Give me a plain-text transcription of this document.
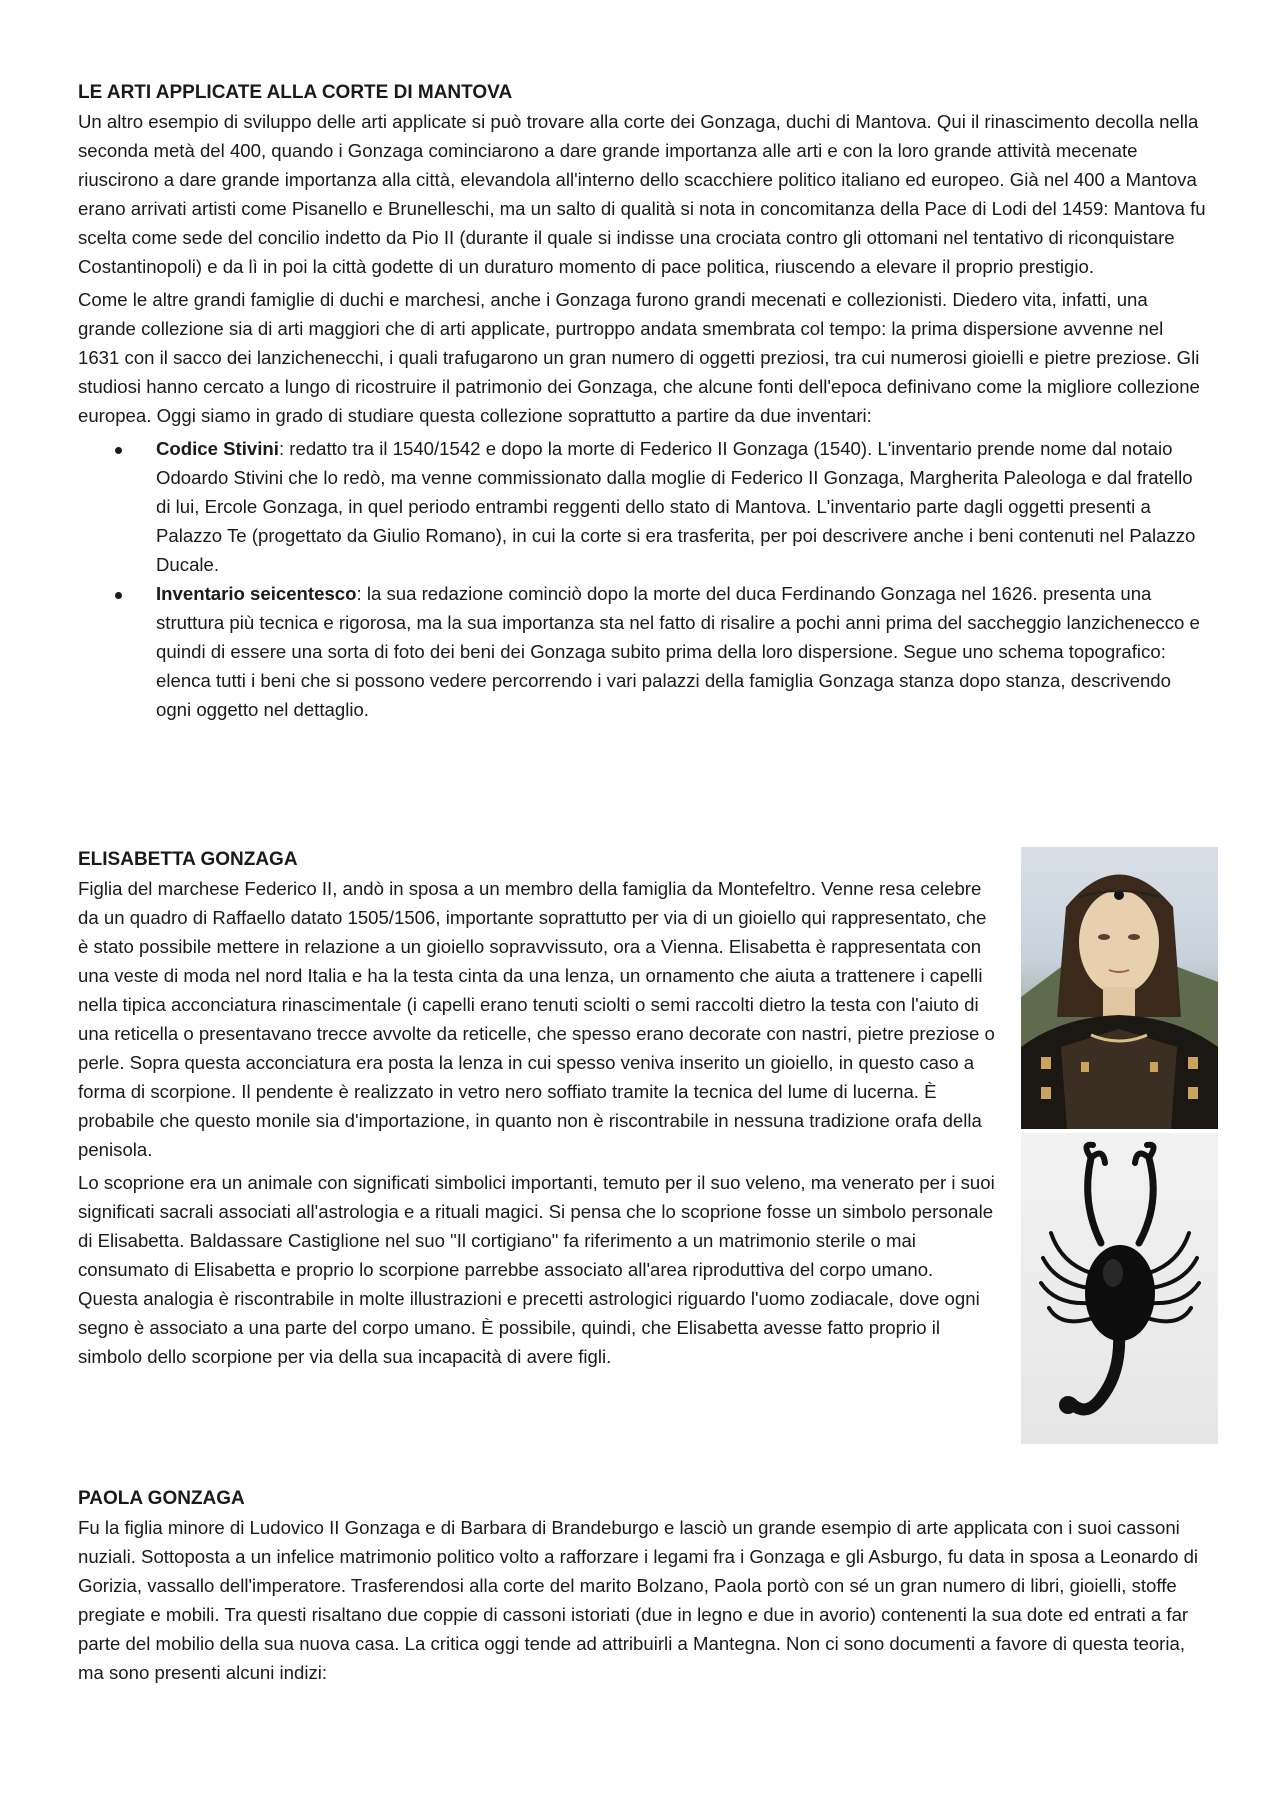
LE ARTI APPLICATE ALLA CORTE DI MANTOVA

Un altro esempio di sviluppo delle arti applicate si può trovare alla corte dei Gonzaga, duchi di Mantova. Qui il rinascimento decolla nella seconda metà del 400, quando i Gonzaga cominciarono a dare grande importanza alle arti e con la loro grande attività mecenate riuscirono a dare grande importanza alla città, elevandola all'interno dello scacchiere politico italiano ed europeo. Già nel 400 a Mantova erano arrivati artisti come Pisanello e Brunelleschi, ma un salto di qualità si nota in concomitanza della Pace di Lodi del 1459: Mantova fu scelta come sede del concilio indetto da Pio II (durante il quale si indisse una crociata contro gli ottomani nel tentativo di riconquistare Costantinopoli) e da lì in poi la città godette di un duraturo momento di pace politica, riuscendo a elevare il proprio prestigio.

Come le altre grandi famiglie di duchi e marchesi, anche i Gonzaga furono grandi mecenati e collezionisti. Diedero vita, infatti, una grande collezione sia di arti maggiori che di arti applicate, purtroppo andata smembrata col tempo: la prima dispersione avvenne nel 1631 con il sacco dei lanzichenecchi, i quali trafugarono un gran numero di oggetti preziosi, tra cui numerosi gioielli e pietre preziose. Gli studiosi hanno cercato a lungo di ricostruire il patrimonio dei Gonzaga, che alcune fonti dell'epoca definivano come la migliore collezione europea. Oggi siamo in grado di studiare questa collezione soprattutto a partire da due inventari:

Codice Stivini: redatto tra il 1540/1542 e dopo la morte di Federico II Gonzaga (1540). L'inventario prende nome dal notaio Odoardo Stivini che lo redò, ma venne commissionato dalla moglie di Federico II Gonzaga, Margherita Paleologa e dal fratello di lui, Ercole Gonzaga, in quel periodo entrambi reggenti dello stato di Mantova. L'inventario parte dagli oggetti presenti a Palazzo Te (progettato da Giulio Romano), in cui la corte si era trasferita, per poi descrivere anche i beni contenuti nel Palazzo Ducale.
Inventario seicentesco: la sua redazione cominciò dopo la morte del duca Ferdinando Gonzaga nel 1626. presenta una struttura più tecnica e rigorosa, ma la sua importanza sta nel fatto di risalire a pochi anni prima del saccheggio lanzichenecco e quindi di essere una sorta di foto dei beni dei Gonzaga subito prima della loro dispersione. Segue uno schema topografico: elenca tutti i beni che si possono vedere percorrendo i vari palazzi della famiglia Gonzaga stanza dopo stanza, descrivendo ogni oggetto nel dettaglio.

ELISABETTA GONZAGA

Figlia del marchese Federico II, andò in sposa a un membro della famiglia da Montefeltro. Venne resa celebre da un quadro di Raffaello datato 1505/1506, importante soprattutto per via di un gioiello qui rappresentato, che è stato possibile mettere in relazione a un gioiello sopravvissuto, ora a Vienna. Elisabetta è rappresentata con una veste di moda nel nord Italia e ha la testa cinta da una lenza, un ornamento che aiuta a trattenere i capelli nella tipica acconciatura rinascimentale (i capelli erano tenuti sciolti o semi raccolti dietro la testa con l'aiuto di una reticella o presentavano trecce avvolte da reticelle, che spesso erano decorate con nastri, pietre preziose o perle. Sopra questa acconciatura era posta la lenza in cui spesso veniva inserito un gioiello, in questo caso a forma di scorpione. Il pendente è realizzato in vetro nero soffiato tramite la tecnica del lume di lucerna. È probabile che questo monile sia d'importazione, in quanto non è riscontrabile in nessuna tradizione orafa della penisola.

Lo scoprione era un animale con significati simbolici importanti, temuto per il suo veleno, ma venerato per i suoi significati sacrali associati all'astrologia e a rituali magici. Si pensa che lo scoprione fosse un simbolo personale di Elisabetta. Baldassare Castiglione nel suo "Il cortigiano" fa riferimento a un matrimonio sterile o mai consumato di Elisabetta e proprio lo scorpione parrebbe associato all'area riproduttiva del corpo umano. Questa analogia è riscontrabile in molte illustrazioni e precetti astrologici riguardo l'uomo zodiacale, dove ogni segno è associato a una parte del corpo umano. È possibile, quindi, che Elisabetta avesse fatto proprio il simbolo dello scorpione per via della sua incapacità di avere figli.

PAOLA GONZAGA

Fu la figlia minore di Ludovico II Gonzaga e di Barbara di Brandeburgo e lasciò un grande esempio di arte applicata con i suoi cassoni nuziali. Sottoposta a un infelice matrimonio politico volto a rafforzare i legami fra i Gonzaga e gli Asburgo, fu data in sposa a Leonardo di Gorizia, vassallo dell'imperatore. Trasferendosi alla corte del marito Bolzano, Paola portò con sé un gran numero di libri, gioielli, stoffe pregiate e mobili. Tra questi risaltano due coppie di cassoni istoriati (due in legno e due in avorio) contenenti la sua dote ed entrati a far parte del mobilio della sua nuova casa. La critica oggi tende ad attribuirli a Mantegna. Non ci sono documenti a favore di questa teoria, ma sono presenti alcuni indizi:
